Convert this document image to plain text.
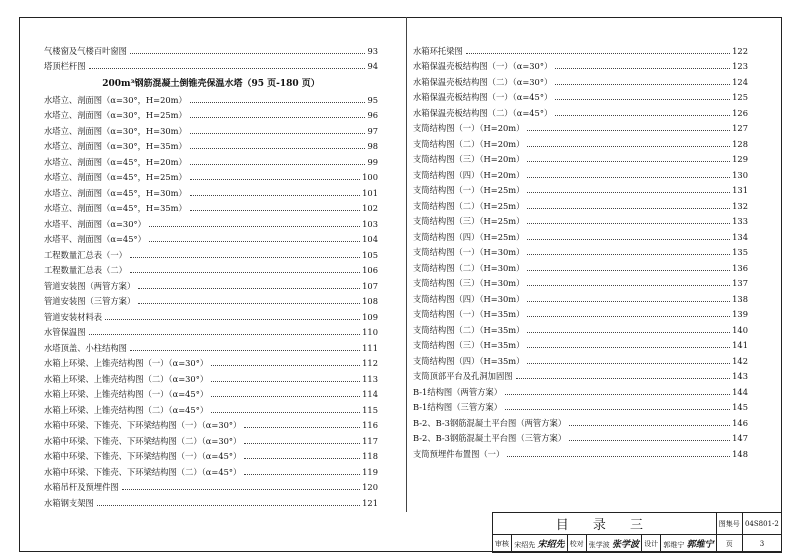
气楼窗及气楼百叶窗图	93
塔顶栏杆图	94
200m³钢筋混凝土倒锥壳保温水塔（95 页-180 页）
水塔立、剖面图（α=30°，H=20m）	95
水塔立、剖面图（α=30°，H=25m）	96
水塔立、剖面图（α=30°，H=30m）	97
水塔立、剖面图（α=30°，H=35m）	98
水塔立、剖面图（α=45°，H=20m）	99
水塔立、剖面图（α=45°，H=25m）	100
水塔立、剖面图（α=45°，H=30m）	101
水塔立、剖面图（α=45°，H=35m）	102
水塔平、剖面图（α=30°）	103
水塔平、剖面图（α=45°）	104
工程数量汇总表（一）	105
工程数量汇总表（二）	106
管道安装图（两管方案）	107
管道安装图（三管方案）	108
管道安装材料表	109
水管保温图	110
水塔顶盖、小柱结构图	111
水箱上环梁、上锥壳结构图（一）（α=30°）	112
水箱上环梁、上锥壳结构图（二）（α=30°）	113
水箱上环梁、上锥壳结构图（一）（α=45°）	114
水箱上环梁、上锥壳结构图（二）（α=45°）	115
水箱中环梁、下锥壳、下环梁结构图（一）（α=30°）	116
水箱中环梁、下锥壳、下环梁结构图（二）（α=30°）	117
水箱中环梁、下锥壳、下环梁结构图（一）（α=45°）	118
水箱中环梁、下锥壳、下环梁结构图（二）（α=45°）	119
水箱吊杆及预埋件图	120
水箱钢支架图	121
水箱环托梁图	122
水箱保温壳板结构图（一）（α=30°）	123
水箱保温壳板结构图（二）（α=30°）	124
水箱保温壳板结构图（一）（α=45°）	125
水箱保温壳板结构图（二）（α=45°）	126
支筒结构图（一）（H=20m）	127
支筒结构图（二）（H=20m）	128
支筒结构图（三）（H=20m）	129
支筒结构图（四）（H=20m）	130
支筒结构图（一）（H=25m）	131
支筒结构图（二）（H=25m）	132
支筒结构图（三）（H=25m）	133
支筒结构图（四）（H=25m）	134
支筒结构图（一）（H=30m）	135
支筒结构图（二）（H=30m）	136
支筒结构图（三）（H=30m）	137
支筒结构图（四）（H=30m）	138
支筒结构图（一）（H=35m）	139
支筒结构图（二）（H=35m）	140
支筒结构图（三）（H=35m）	141
支筒结构图（四）（H=35m）	142
支筒顶部平台及孔洞加固图	143
B-1结构图（两管方案）	144
B-1结构图（三管方案）	145
B-2、B-3钢筋混凝土平台图（两管方案）	146
B-2、B-3钢筋混凝土平台图（三管方案）	147
支筒预埋件布置图（一）	148
目 录 三						图集号	04S801-2
审核	宋绍先 宋绍先	校对	张学波 张学波	设计	郭维宁 郭维宁	页	3
